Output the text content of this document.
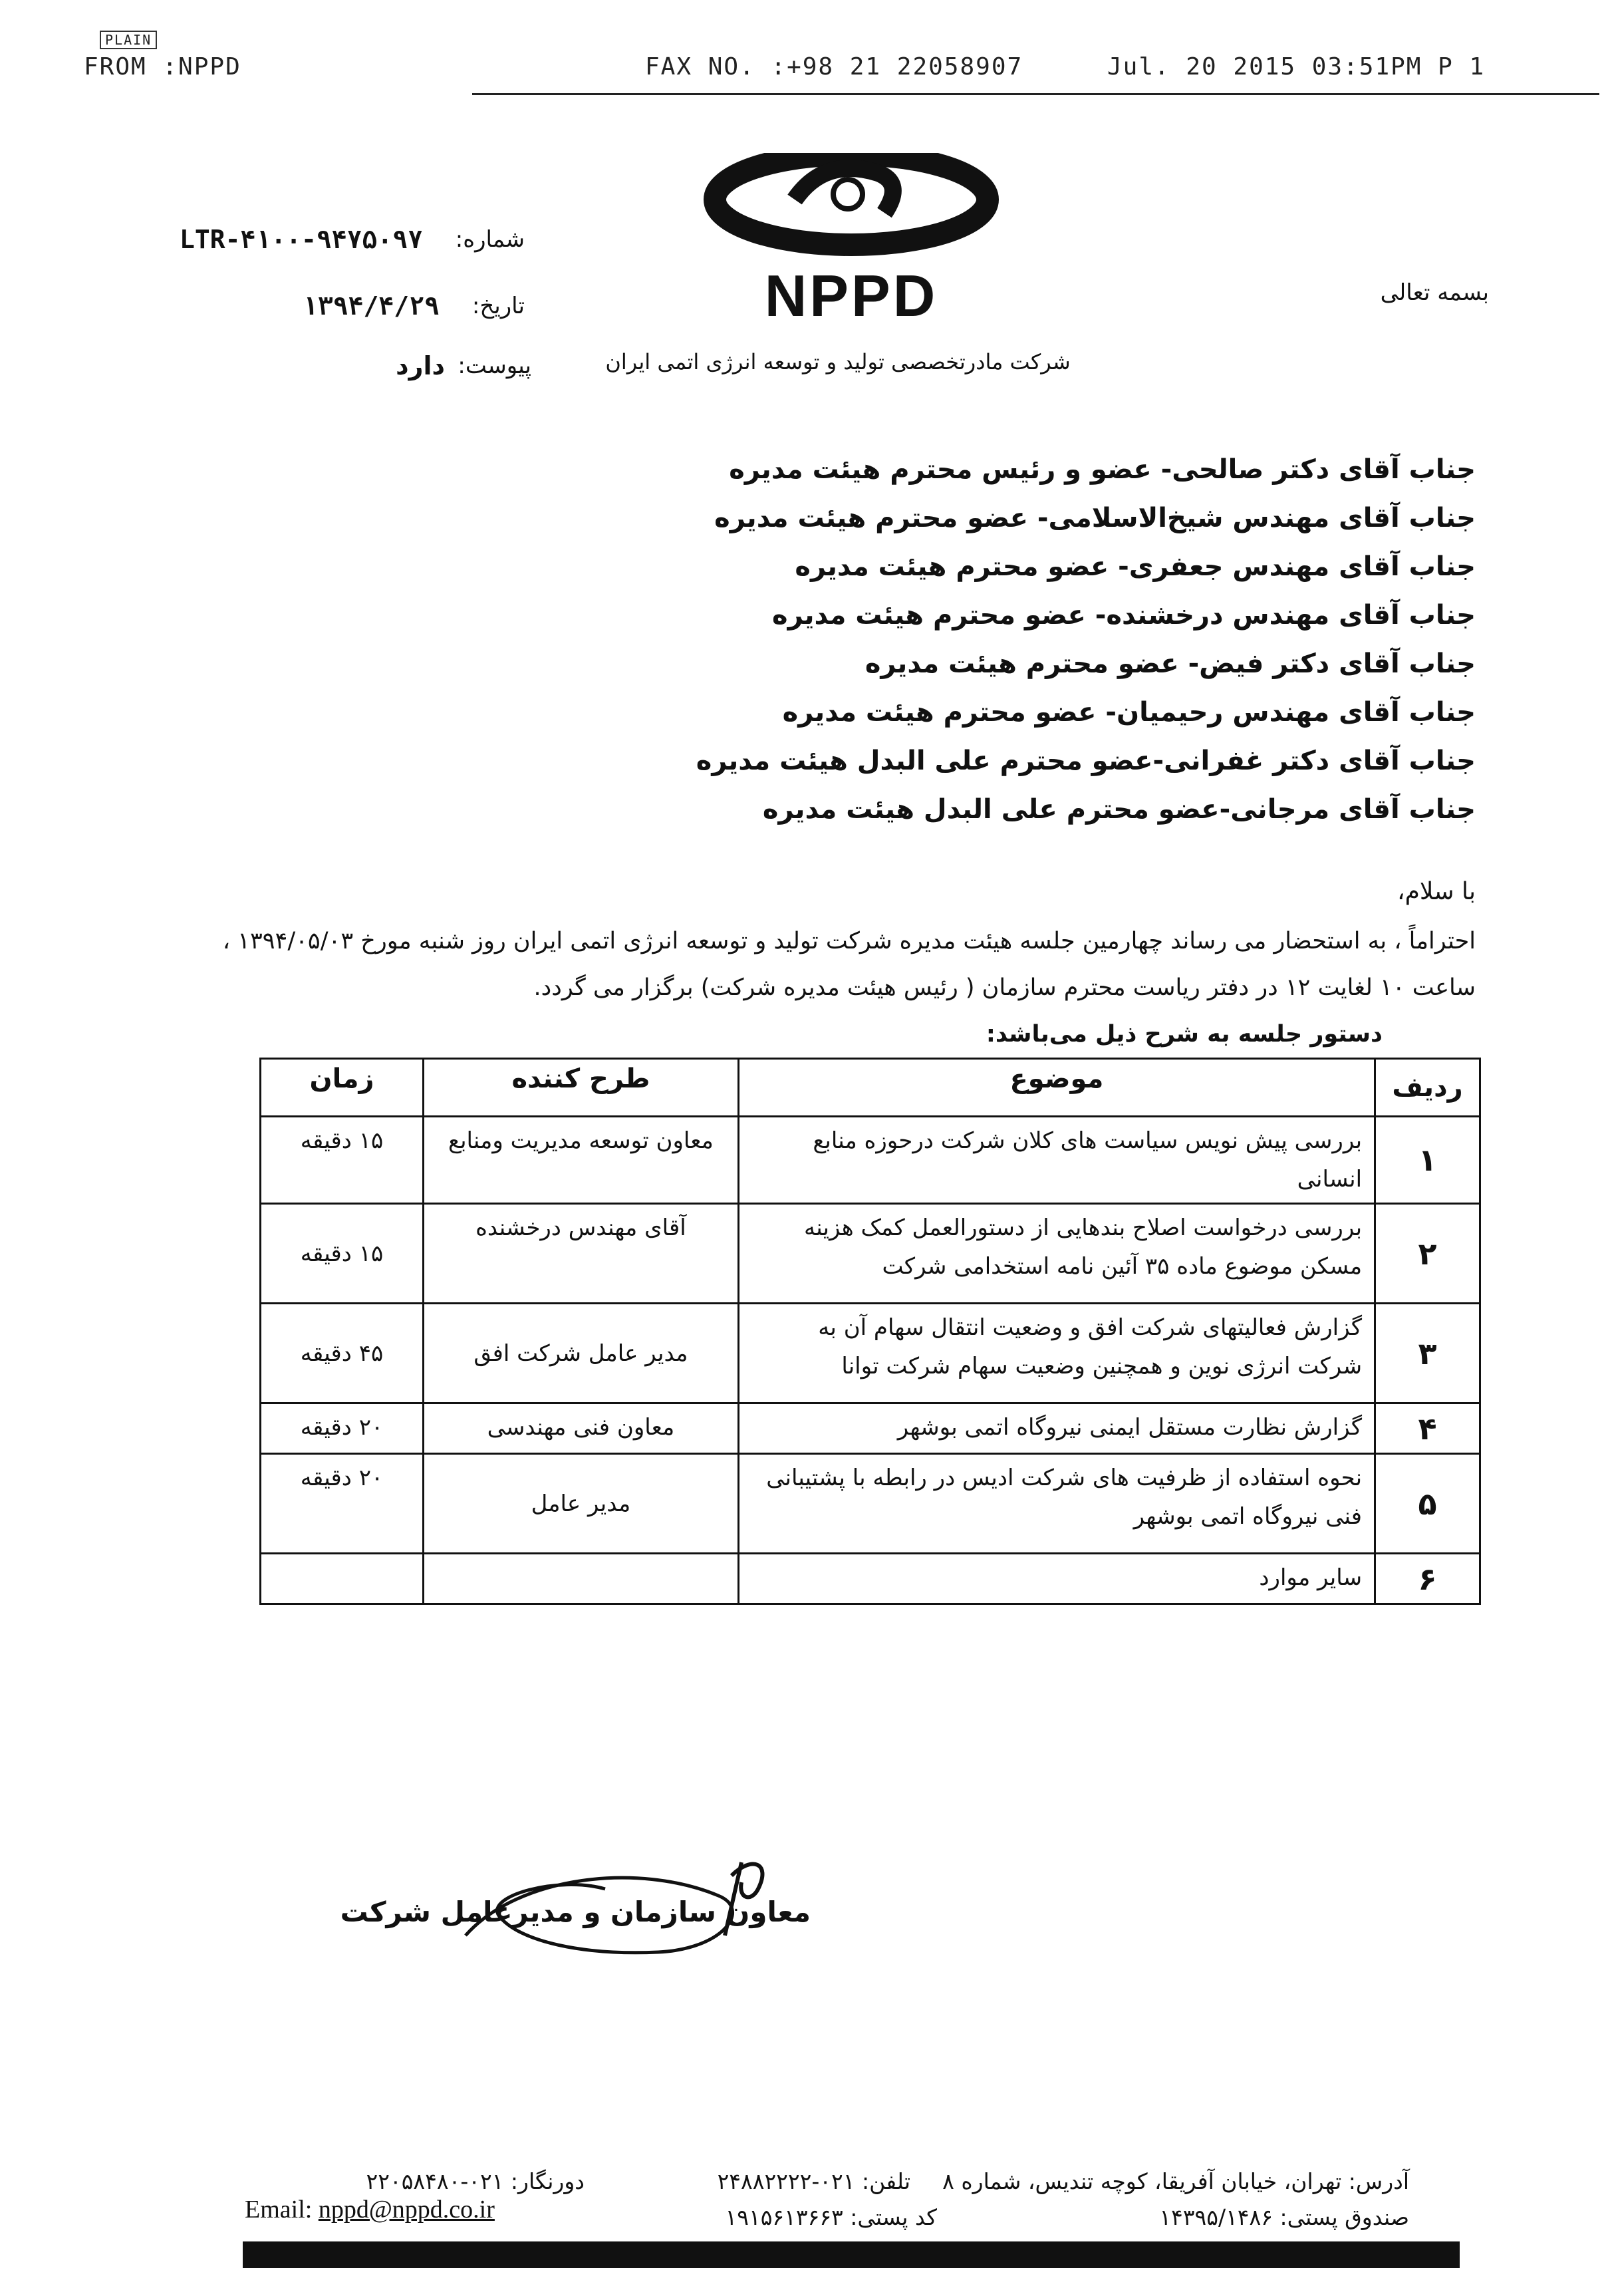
PLAIN
FROM :NPPD	FAX NO. :+98 21 22058907	Jul. 20 2015 03:51PM P 1
NPPD
شرکت مادرتخصصی تولید و توسعه انرژی اتمی ایران
بسمه تعالی
شماره:
LTR-۴۱۰۰-۹۴۷۵۰۹۷
تاریخ:
۱۳۹۴/۴/۲۹
پیوست:
دارد
جناب آقای دکتر صالحی- عضو و رئیس محترم هیئت مدیره
جناب آقای مهندس شیخ‌الاسلامی- عضو محترم هیئت مدیره
جناب آقای مهندس جعفری- عضو محترم هیئت مدیره
جناب آقای مهندس درخشنده- عضو محترم هیئت مدیره
جناب آقای دکتر فیض- عضو محترم هیئت مدیره
جناب آقای مهندس رحیمیان- عضو محترم هیئت مدیره
جناب آقای دکتر غفرانی-عضو محترم علی البدل هیئت مدیره
جناب آقای مرجانی-عضو محترم علی البدل هیئت مدیره
با سلام،
احتراماً ، به استحضار می رساند چهارمین جلسه هیئت مدیره شرکت تولید و توسعه انرژی اتمی ایران روز شنبه مورخ ۱۳۹۴/۰۵/۰۳ ،
ساعت ۱۰ لغایت ۱۲ در دفتر ریاست محترم سازمان ( رئیس هیئت مدیره شرکت) برگزار می گردد.
دستور جلسه به شرح ذیل می‌باشد:
ردیف	موضوع	طرح کننده	زمان
۱	بررسی پیش نویس سیاست های کلان شرکت درحوزه منابع انسانی	معاون توسعه مدیریت ومنابع	۱۵ دقیقه
۲	بررسی درخواست اصلاح بندهایی از دستورالعمل کمک هزینه مسکن موضوع ماده ۳۵ آئین نامه استخدامی شرکت	آقای مهندس درخشنده	۱۵ دقیقه
۳	گزارش فعالیتهای شرکت افق و وضعیت انتقال سهام آن به شرکت انرژی نوین و همچنین وضعیت سهام شرکت توانا	مدیر عامل شرکت افق	۴۵ دقیقه
۴	گزارش نظارت مستقل ایمنی نیروگاه اتمی بوشهر	معاون فنی مهندسی	۲۰ دقیقه
۵	نحوه استفاده از ظرفیت های شرکت ادیس در رابطه با پشتیبانی فنی نیروگاه اتمی بوشهر	مدیر عامل	۲۰ دقیقه
۶	سایر موارد		
معاون سازمان و مدیرعامل شرکت
آدرس: تهران، خیابان آفریقا، کوچه تندیس، شماره ۸
تلفن: ۰۲۱-۲۴۸۸۲۲۲۲
دورنگار: ۰۲۱-۲۲۰۵۸۴۸۰
صندوق پستی: ۱۴۳۹۵/۱۴۸۶
کد پستی: ۱۹۱۵۶۱۳۶۶۳
Email: nppd@nppd.co.ir
